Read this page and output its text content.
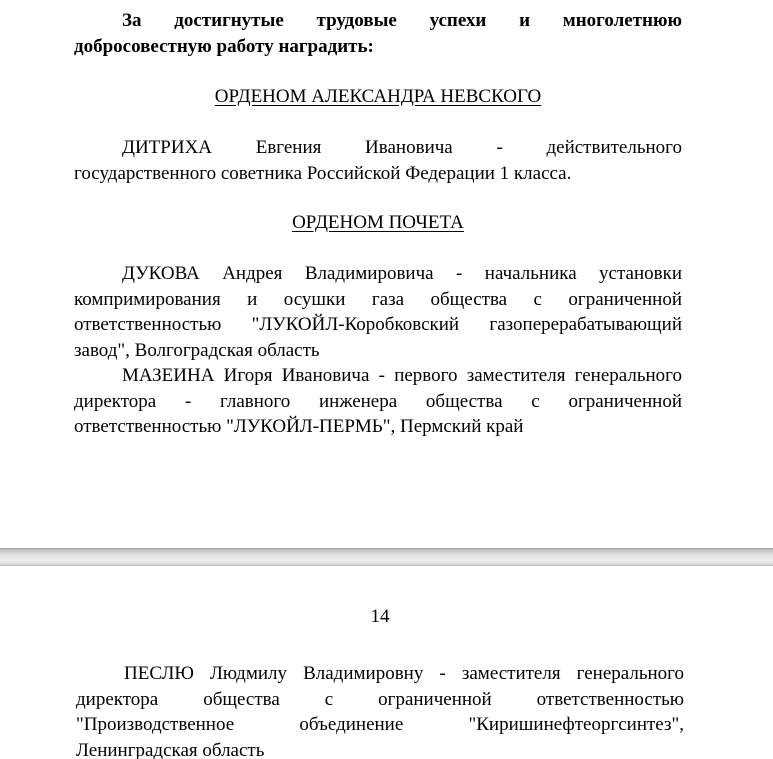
За достигнутые трудовые успехи и многолетнюю
добросовестную работу наградить:
ОРДЕНОМ АЛЕКСАНДРА НЕВСКОГО
ДИТРИХА Евгения Ивановича - действительного
государственного советника Российской Федерации 1 класса.
ОРДЕНОМ ПОЧЕТА
ДУКОВА Андрея Владимировича - начальника установки
компримирования и осушки газа общества с ограниченной
ответственностью "ЛУКОЙЛ-Коробковский газоперерабатывающий
завод", Волгоградская область
МАЗЕИНА Игоря Ивановича - первого заместителя генерального
директора - главного инженера общества с ограниченной
ответственностью "ЛУКОЙЛ-ПЕРМЬ", Пермский край
14
ПЕСЛЮ Людмилу Владимировну - заместителя генерального
директора общества с ограниченной ответственностью
"Производственное объединение "Киришинефтеоргсинтез",
Ленинградская область
